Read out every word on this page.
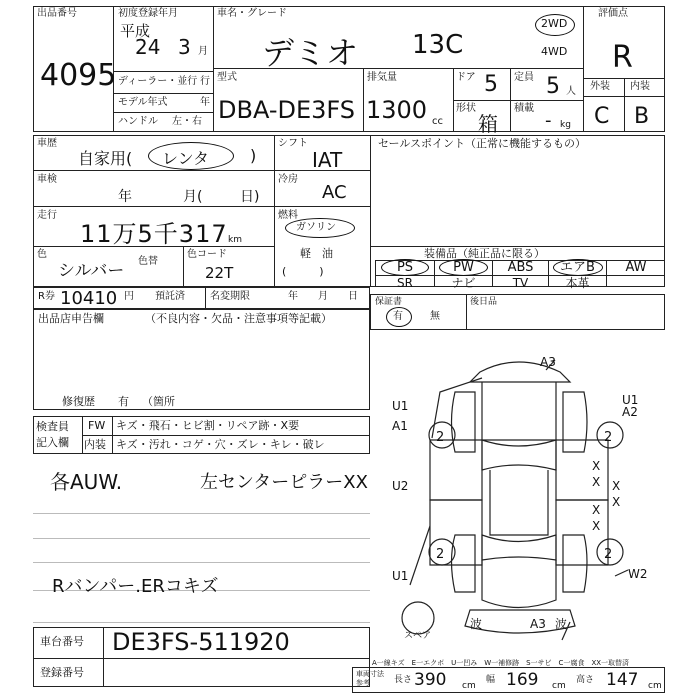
出品番号
4095
初度登録年月
平成
24 3 月
車名・グレード
デミオ 13C
2WD
4WD
ディーラー・並行 行
モデル年式	年
ハンドル 左・右
型式
DBA-DE3FS
排気量
1300 cc
ドア 5 定員 5 人
形状
箱
積載
- kg
評価点
R
外装 内装
C B
車歴
自家用( レンタ	)
車検
年	月(	日)
走行
11万5千317 km
色
シルバー 色替
色コード
22T
シフト
IAT
冷房
AC
燃料
ガソリン
軽　油
(　　　)
セールスポイント（正常に機能するもの）
装備品（純正品に限る）
PS	PW	ABS	エアB	AW
SR	ナビ	TV	本革
R券 10410 円 預託済	名変期限	年 月 日 保証書
有	無
後日品
出品店申告欄	（不良内容・欠品・注意事項等記載）
修復歴 有 （箇所
検査員
記入欄
FW キズ・飛石・ヒビ割・リペア跡・X要
内装 キズ・汚れ・コゲ・穴・ズレ・キレ・破レ
各AUW.	左センターピラーXX
Rバンパー.ERコキズ
車台番号 DE3FS-511920
登録番号
2	2
2	2
A3
U1
A1
U2
U1	W2
A2
U1
A3
波	波
X
X X
X
X
X
スペア
A一線キズ　E一エクボ　U一凹み　W一補修跡　S一サビ　C一腐食　XX一取替済
車両寸法参考	長さ 390 cm
幅 169 cm
高さ 147 cm
